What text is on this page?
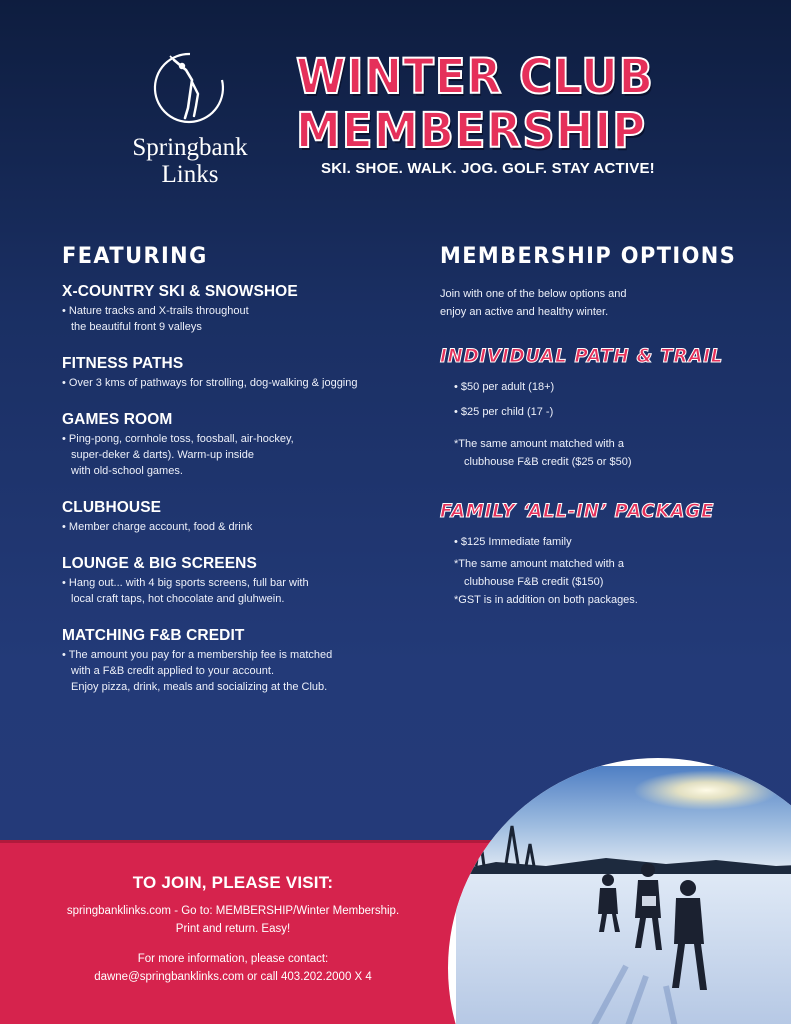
Springbank
Links
WINTER CLUB
MEMBERSHIP
SKI. SHOE. WALK. JOG. GOLF. STAY ACTIVE!
FEATURING
X-COUNTRY SKI & SNOWSHOE

• Nature tracks and X-trails throughout
the beautiful front 9 valleys

FITNESS PATHS

• Over 3 kms of pathways for strolling, dog-walking & jogging

GAMES ROOM

• Ping-pong, cornhole toss, foosball, air-hockey,
super-deker & darts). Warm-up inside
with old-school games.

CLUBHOUSE

• Member charge account, food & drink

LOUNGE & BIG SCREENS

• Hang out... with 4 big sports screens, full bar with
local craft taps, hot chocolate and gluhwein.

MATCHING F&B CREDIT

• The amount you pay for a membership fee is matched
with a F&B credit applied to your account.
Enjoy pizza, drink, meals and socializing at the Club.

MEMBERSHIP OPTIONS
Join with one of the below options and
enjoy an active and healthy winter.
INDIVIDUAL PATH & TRAIL
• $50 per adult (18+)
• $25 per child (17 -)
*The same amount matched with a
clubhouse F&B credit ($25 or $50)
FAMILY ‘ALL-IN’ PACKAGE
• $125 Immediate family
*The same amount matched with a
clubhouse F&B credit ($150)
*GST is in addition on both packages.
TO JOIN, PLEASE VISIT:

springbanklinks.com - Go to: MEMBERSHIP/Winter Membership.

Print and return. Easy!

For more information, please contact:

dawne@springbanklinks.com or call 403.202.2000 X 4
